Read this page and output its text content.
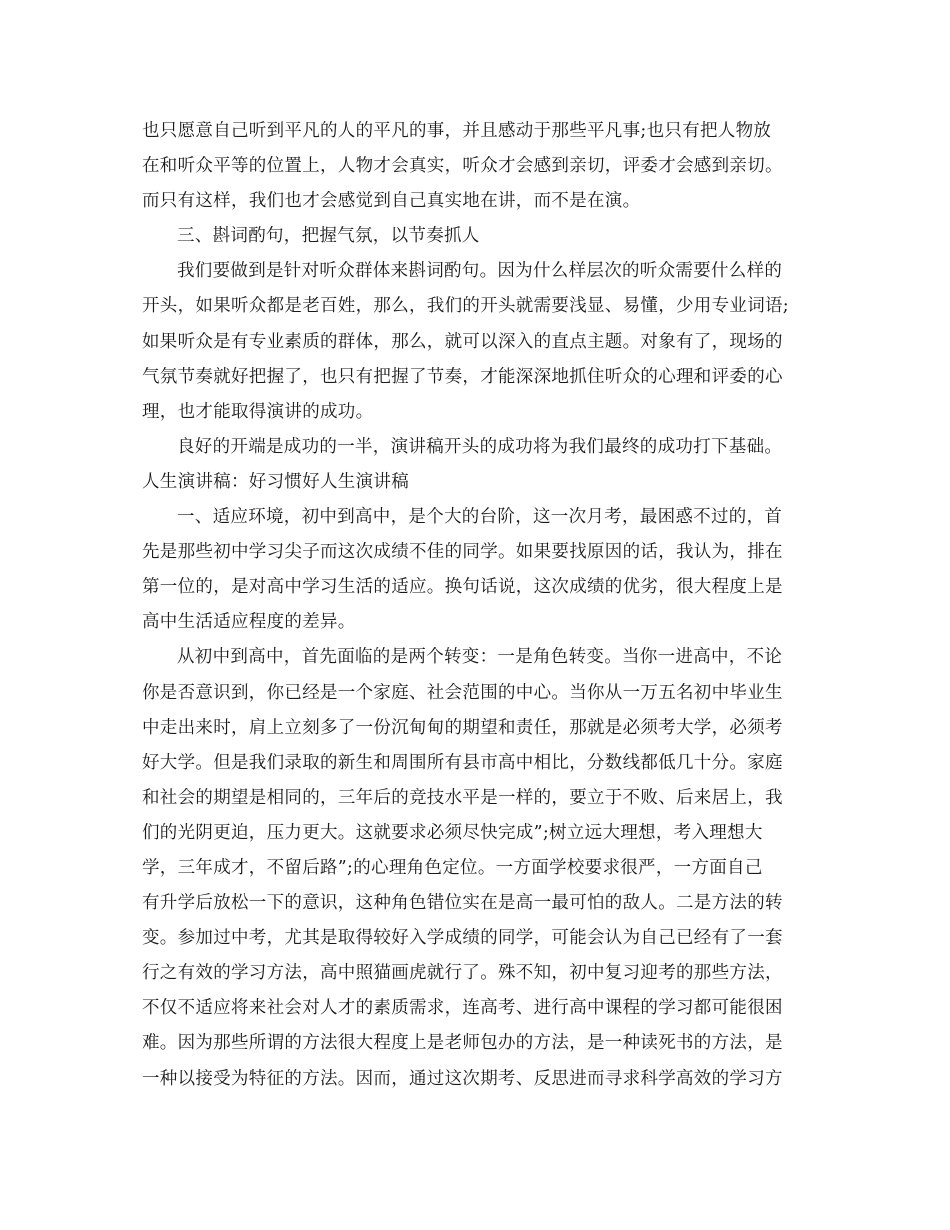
也只愿意自己听到平凡的人的平凡的事，并且感动于那些平凡事;也只有把人物放
在和听众平等的位置上，人物才会真实，听众才会感到亲切，评委才会感到亲切。
而只有这样，我们也才会感觉到自己真实地在讲，而不是在演。
三、斟词酌句，把握气氛，以节奏抓人
我们要做到是针对听众群体来斟词酌句。因为什么样层次的听众需要什么样的
开头，如果听众都是老百姓，那么，我们的开头就需要浅显、易懂，少用专业词语;
如果听众是有专业素质的群体，那么，就可以深入的直点主题。对象有了，现场的
气氛节奏就好把握了，也只有把握了节奏，才能深深地抓住听众的心理和评委的心
理，也才能取得演讲的成功。
良好的开端是成功的一半，演讲稿开头的成功将为我们最终的成功打下基础。
人生演讲稿：好习惯好人生演讲稿
一、适应环境，初中到高中，是个大的台阶，这一次月考，最困惑不过的，首
先是那些初中学习尖子而这次成绩不佳的同学。如果要找原因的话，我认为，排在
第一位的，是对高中学习生活的适应。换句话说，这次成绩的优劣，很大程度上是
高中生活适应程度的差异。
从初中到高中，首先面临的是两个转变：一是角色转变。当你一进高中，不论
你是否意识到，你已经是一个家庭、社会范围的中心。当你从一万五名初中毕业生
中走出来时，肩上立刻多了一份沉甸甸的期望和责任，那就是必须考大学，必须考
好大学。但是我们录取的新生和周围所有县市高中相比，分数线都低几十分。家庭
和社会的期望是相同的，三年后的竞技水平是一样的，要立于不败、后来居上，我
们的光阴更迫，压力更大。这就要求必须尽快完成”;树立远大理想，考入理想大
学，三年成才，不留后路”;的心理角色定位。一方面学校要求很严，一方面自己
有升学后放松一下的意识，这种角色错位实在是高一最可怕的敌人。二是方法的转
变。参加过中考，尤其是取得较好入学成绩的同学，可能会认为自己已经有了一套
行之有效的学习方法，高中照猫画虎就行了。殊不知，初中复习迎考的那些方法，
不仅不适应将来社会对人才的素质需求，连高考、进行高中课程的学习都可能很困
难。因为那些所谓的方法很大程度上是老师包办的方法，是一种读死书的方法，是
一种以接受为特征的方法。因而，通过这次期考、反思进而寻求科学高效的学习方
